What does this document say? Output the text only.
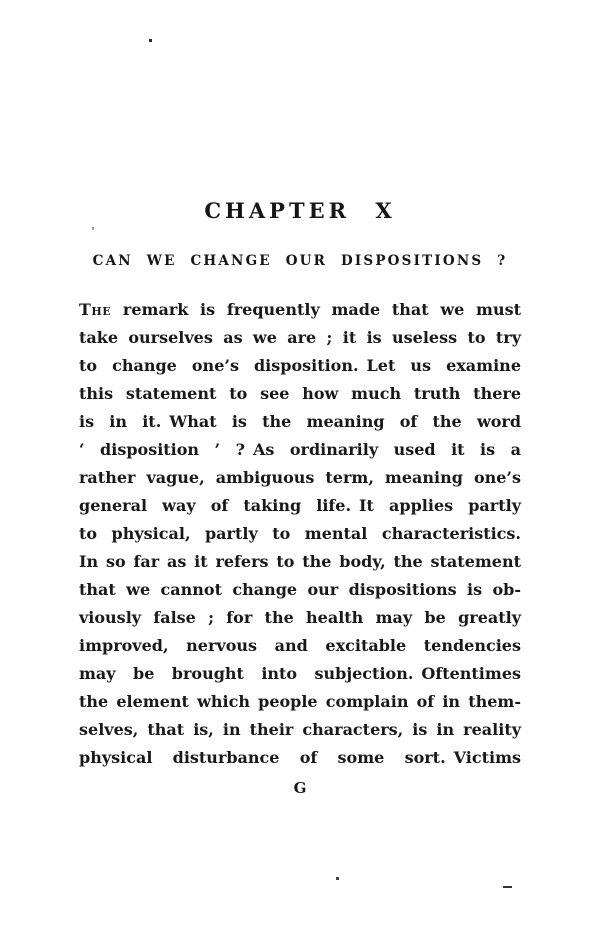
CHAPTER X
CAN WE CHANGE OUR DISPOSITIONS ?
The remark is frequently made that we must
take ourselves as we are ; it is useless to try
to change one’s disposition. Let us examine
this statement to see how much truth there
is in it. What is the meaning of the word
‘ disposition ’ ? As ordinarily used it is a
rather vague, ambiguous term, meaning one’s
general way of taking life. It applies partly
to physical, partly to mental characteristics.
In so far as it refers to the body, the statement
that we cannot change our dispositions is ob-
viously false ; for the health may be greatly
improved, nervous and excitable tendencies
may be brought into subjection. Oftentimes
the element which people complain of in them-
selves, that is, in their characters, is in reality
physical disturbance of some sort. Victims
G
